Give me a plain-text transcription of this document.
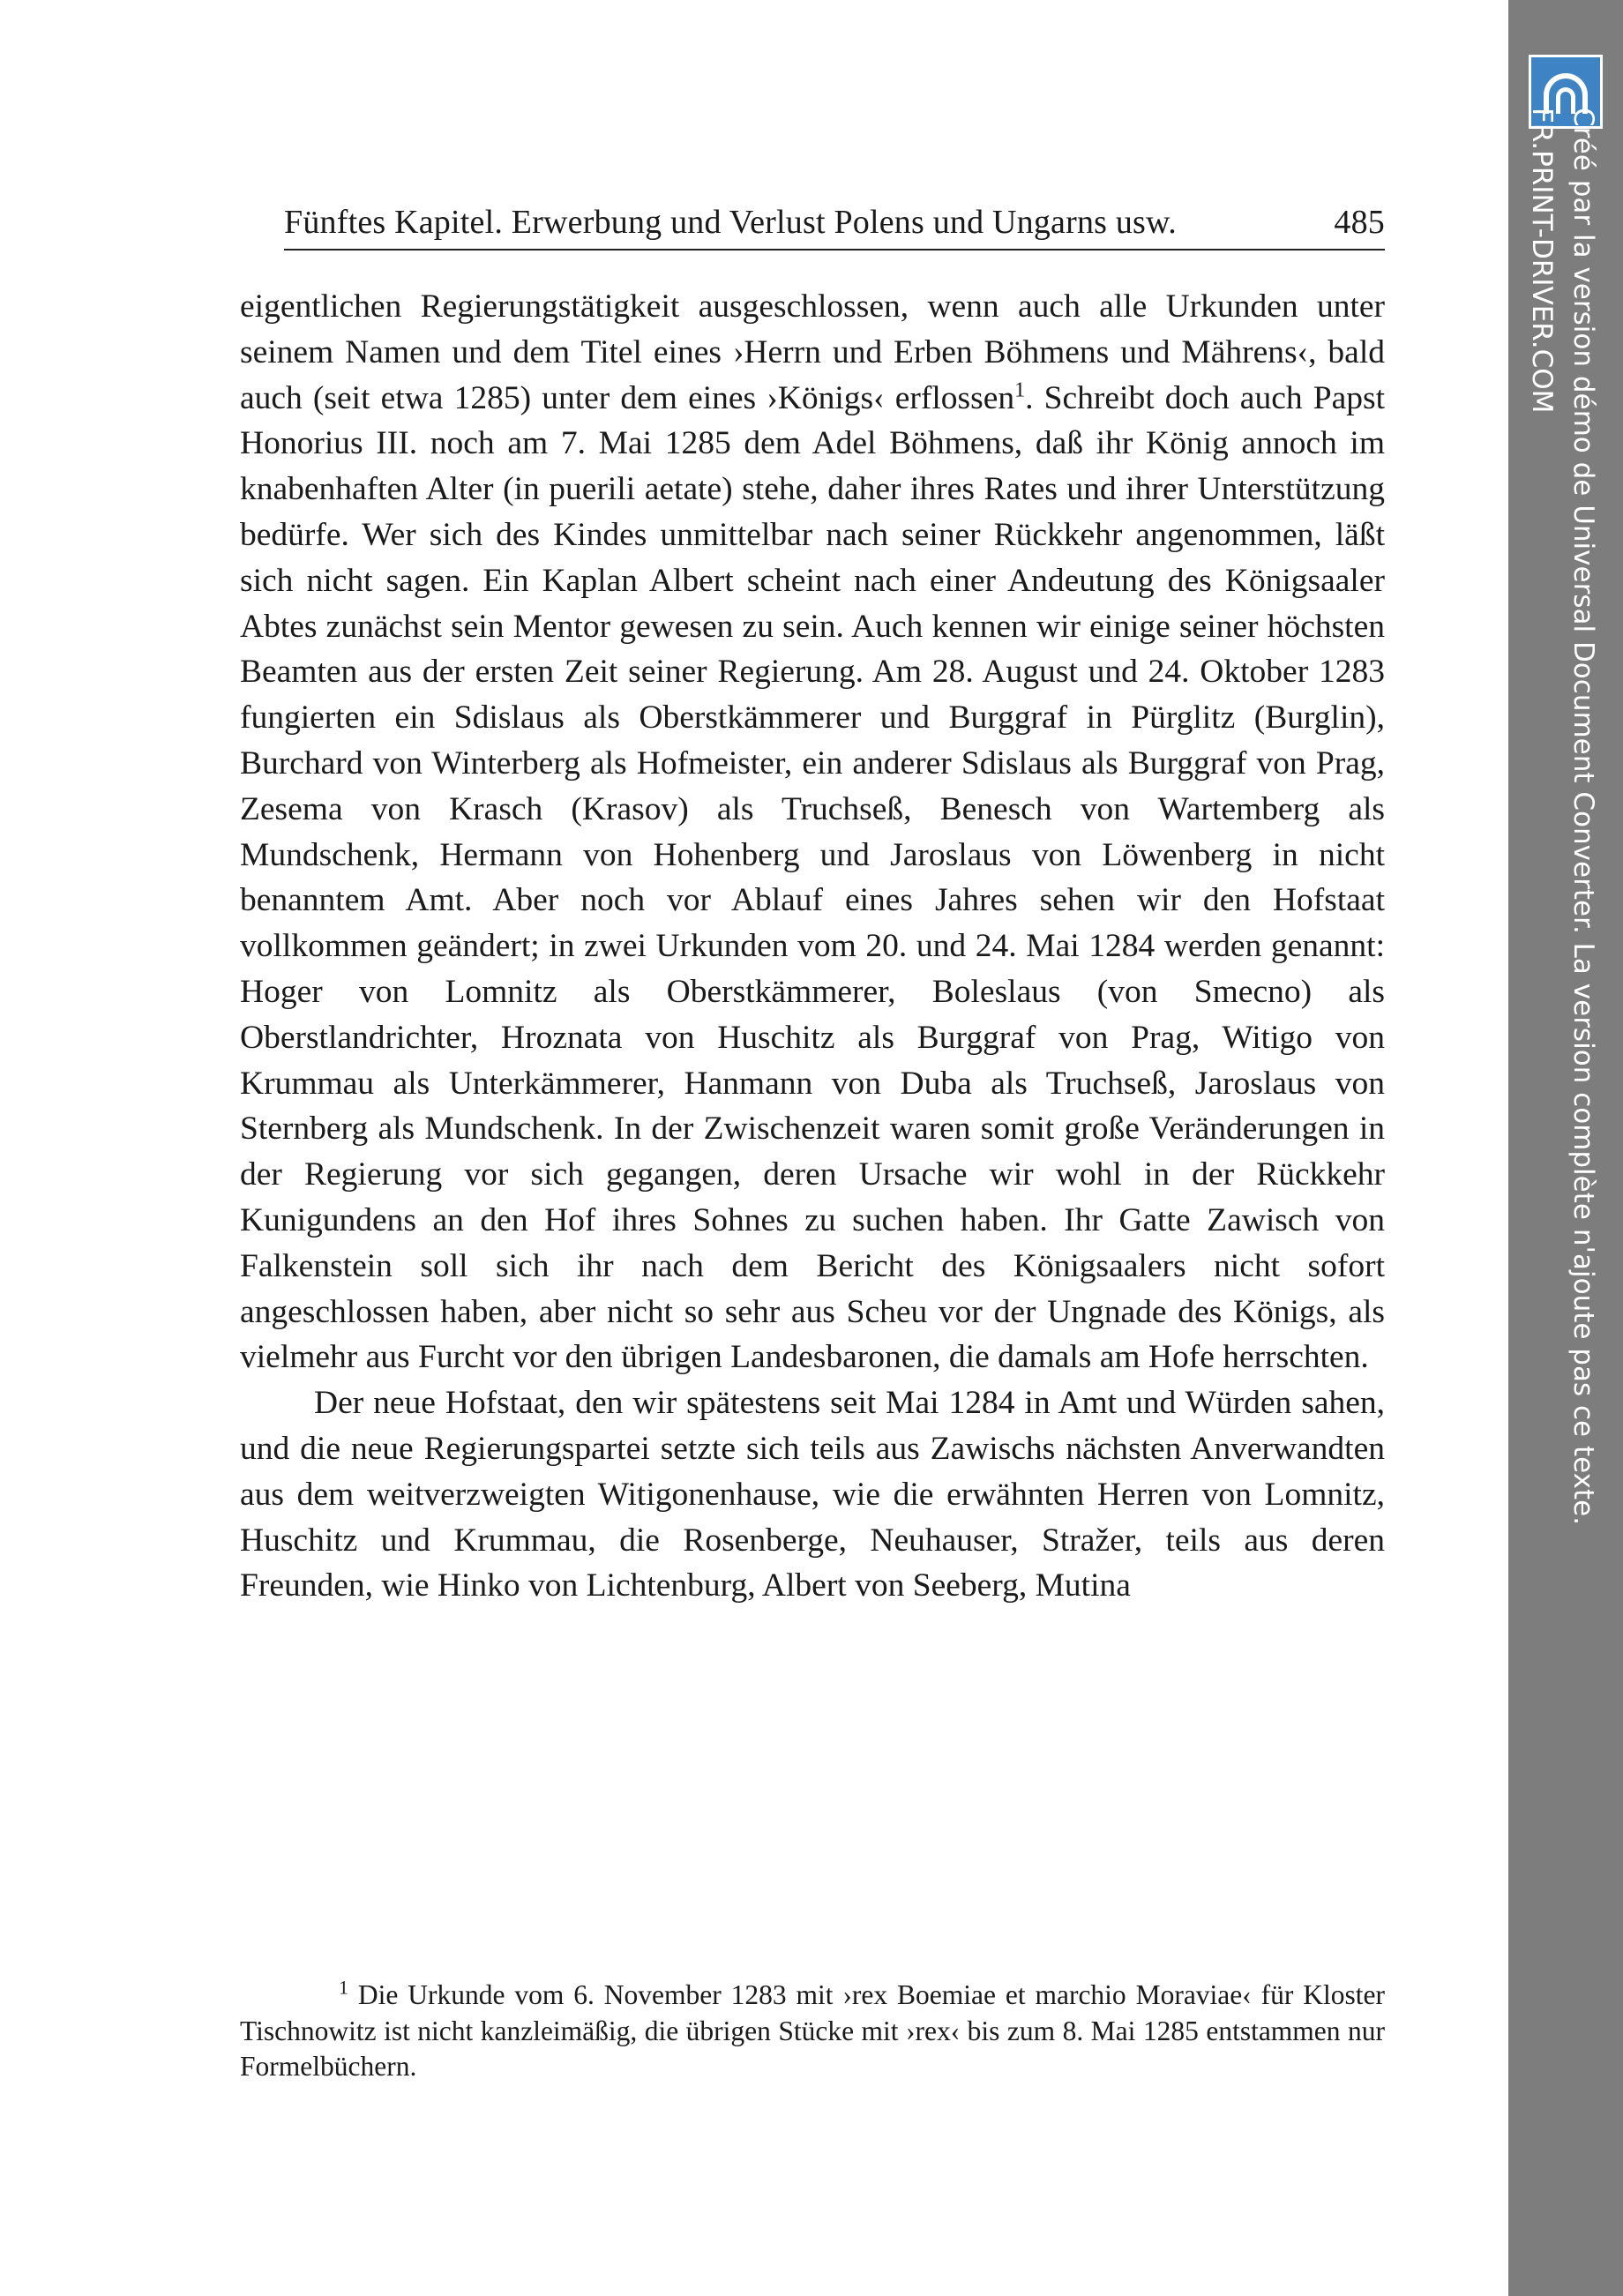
Fünftes Kapitel. Erwerbung und Verlust Polens und Ungarns usw.	485

eigentlichen Regierungstätigkeit ausgeschlossen, wenn auch alle Urkunden unter seinem Namen und dem Titel eines ›Herrn und Erben Böhmens und Mährens‹, bald auch (seit etwa 1285) unter dem eines ›Königs‹ erflossen$^1$. Schreibt doch auch Papst Honorius III. noch am 7. Mai 1285 dem Adel Böhmens, daß ihr König annoch im knabenhaften Alter (in puerili aetate) stehe, daher ihres Rates und ihrer Unterstützung bedürfe. Wer sich des Kindes unmittelbar nach seiner Rückkehr angenommen, läßt sich nicht sagen. Ein Kaplan Albert scheint nach einer Andeutung des Königsaaler Abtes zunächst sein Mentor gewesen zu sein. Auch kennen wir einige seiner höchsten Beamten aus der ersten Zeit seiner Regierung. Am 28. August und 24. Oktober 1283 fungierten ein Sdislaus als Oberstkämmerer und Burggraf in Pürglitz (Burglin), Burchard von Winterberg als Hofmeister, ein anderer Sdislaus als Burggraf von Prag, Zesema von Krasch (Krasov) als Truchseß, Benesch von Wartemberg als Mundschenk, Hermann von Hohenberg und Jaroslaus von Löwenberg in nicht benanntem Amt. Aber noch vor Ablauf eines Jahres sehen wir den Hofstaat vollkommen geändert; in zwei Urkunden vom 20. und 24. Mai 1284 werden genannt: Hoger von Lomnitz als Oberstkämmerer, Boleslaus (von Smecno) als Oberstlandrichter, Hroznata von Huschitz als Burggraf von Prag, Witigo von Krummau als Unterkämmerer, Hanmann von Duba als Truchseß, Jaroslaus von Sternberg als Mundschenk. In der Zwischenzeit waren somit große Veränderungen in der Regierung vor sich gegangen, deren Ursache wir wohl in der Rückkehr Kunigundens an den Hof ihres Sohnes zu suchen haben. Ihr Gatte Zawisch von Falkenstein soll sich ihr nach dem Bericht des Königsaalers nicht sofort angeschlossen haben, aber nicht so sehr aus Scheu vor der Ungnade des Königs, als vielmehr aus Furcht vor den übrigen Landesbaronen, die damals am Hofe herrschten.

Der neue Hofstaat, den wir spätestens seit Mai 1284 in Amt und Würden sahen, und die neue Regierungspartei setzte sich teils aus Zawischs nächsten Anverwandten aus dem weitverzweigten Witigonenhause, wie die erwähnten Herren von Lomnitz, Huschitz und Krummau, die Rosenberge, Neuhauser, Stražer, teils aus deren Freunden, wie Hinko von Lichtenburg, Albert von Seeberg, Mutina

$^1$ Die Urkunde vom 6. November 1283 mit ›rex Boemiae et marchio Moraviae‹ für Kloster Tischnowitz ist nicht kanzleimäßig, die übrigen Stücke mit ›rex‹ bis zum 8. Mai 1285 entstammen nur Formelbüchern.
Créé par la version démo de Universal Document Converter. La version complète n'ajoute pas ce texte.
FR.PRINT-DRIVER.COM
